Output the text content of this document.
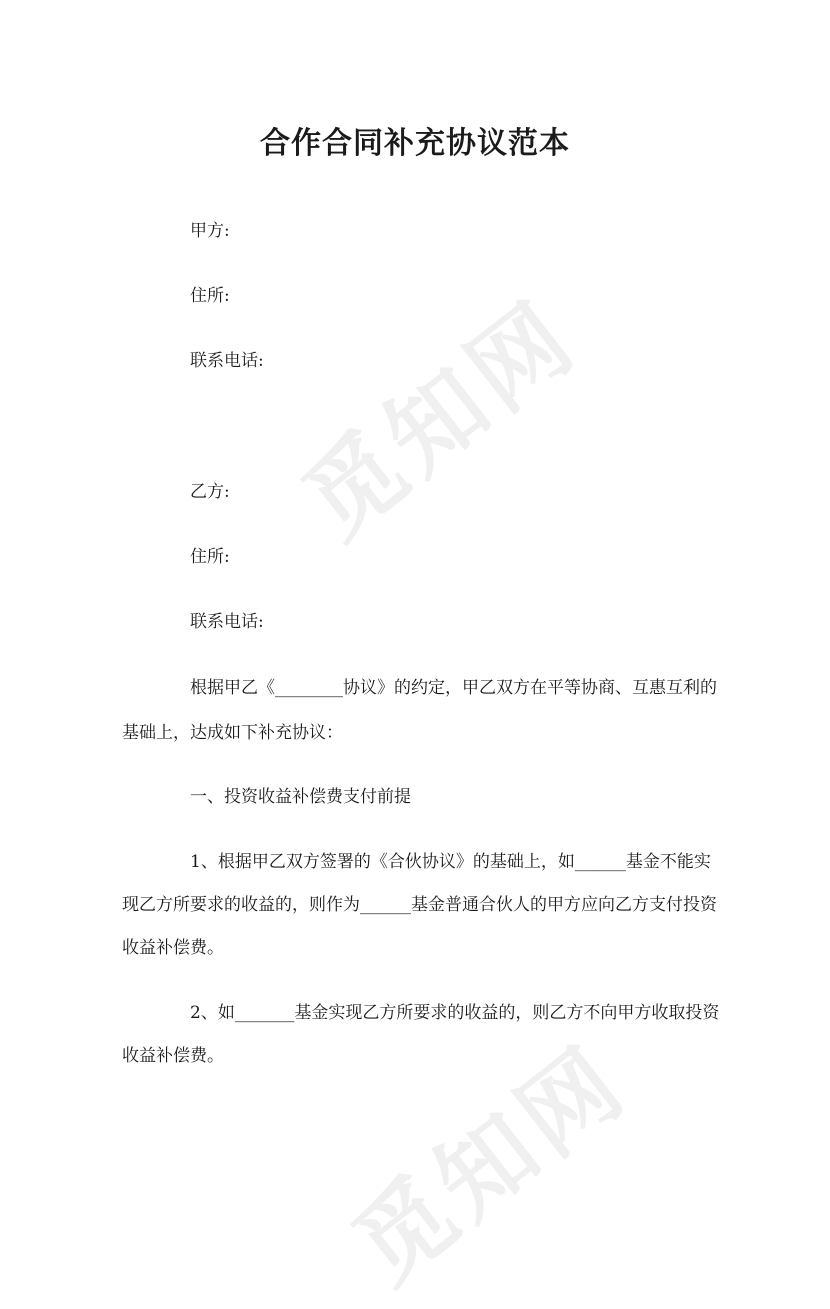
觅知网
觅知网
合作合同补充协议范本

甲方:

住所:

联系电话:

乙方:

住所:

联系电话:

根据甲乙《________协议》的约定，甲乙双方在平等协商、互惠互利的

基础上，达成如下补充协议：

一、投资收益补偿费支付前提

1、根据甲乙双方签署的《合伙协议》的基础上，如______基金不能实

现乙方所要求的收益的，则作为______基金普通合伙人的甲方应向乙方支付投资

收益补偿费。

2、如_______基金实现乙方所要求的收益的，则乙方不向甲方收取投资

收益补偿费。
